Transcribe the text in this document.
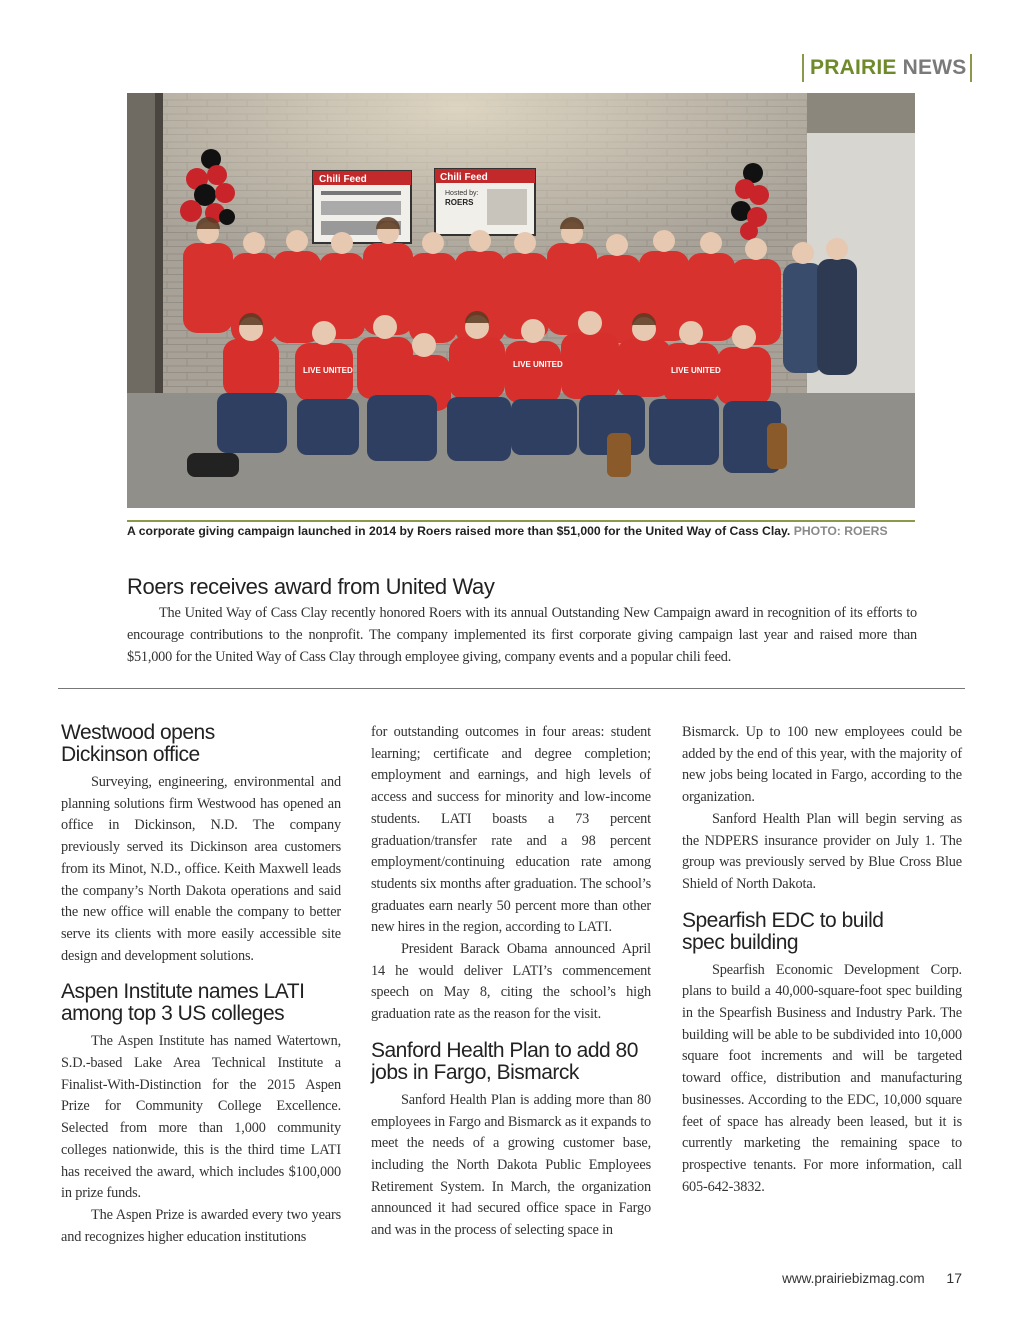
PRAIRIE NEWS
Chili Feed	Chili Feed
Hosted by:
ROERS
LIVE UNITED
LIVE UNITED
LIVE UNITED
A corporate giving campaign launched in 2014 by Roers raised more than $51,000 for the United Way of Cass Clay. PHOTO: ROERS
Roers receives award from United Way

The United Way of Cass Clay recently honored Roers with its annual Outstanding New Campaign award in recognition of its efforts to encourage contributions to the nonprofit. The company implemented its first corporate giving campaign last year and raised more than $51,000 for the United Way of Cass Clay through employee giving, company events and a popular chili feed.

Westwood opens
Dickinson office

Surveying, engineering, environmental and planning solutions firm Westwood has opened an office in Dickinson, N.D. The company previously served its Dickinson area customers from its Minot, N.D., office. Keith Maxwell leads the company’s North Dakota operations and said the new office will enable the company to better serve its clients with more easily accessible site design and development solutions.

Aspen Institute names LATI
among top 3 US colleges

The Aspen Institute has named Watertown, S.D.-based Lake Area Technical Institute a Finalist-With-Distinction for the 2015 Aspen Prize for Community College Excellence. Selected from more than 1,000 community colleges nationwide, this is the third time LATI has received the award, which includes $100,000 in prize funds.

The Aspen Prize is awarded every two years and recognizes higher education institutions

for outstanding outcomes in four areas: student learning; certificate and degree completion; employment and earnings, and high levels of access and success for minority and low-income students. LATI boasts a 73 percent graduation/transfer rate and a 98 percent employment/continuing education rate among students six months after graduation. The school’s graduates earn nearly 50 percent more than other new hires in the region, according to LATI.

President Barack Obama announced April 14 he would deliver LATI’s commencement speech on May 8, citing the school’s high graduation rate as the reason for the visit.

Sanford Health Plan to add 80
jobs in Fargo, Bismarck

Sanford Health Plan is adding more than 80 employees in Fargo and Bismarck as it expands to meet the needs of a growing customer base, including the North Dakota Public Employees Retirement System. In March, the organization announced it had secured office space in Fargo and was in the process of selecting space in

Bismarck. Up to 100 new employees could be added by the end of this year, with the majority of new jobs being located in Fargo, according to the organization.

Sanford Health Plan will begin serving as the NDPERS insurance provider on July 1. The group was previously served by Blue Cross Blue Shield of North Dakota.

Spearfish EDC to build
spec building

Spearfish Economic Development Corp. plans to build a 40,000-square-foot spec building in the Spearfish Business and Industry Park. The building will be able to be subdivided into 10,000 square foot increments and will be targeted toward office, distribution and manufacturing businesses. According to the EDC, 10,000 square feet of space has already been leased, but it is currently marketing the remaining space to prospective tenants. For more information, call 605-642-3832.

www.prairiebizmag.com 17
